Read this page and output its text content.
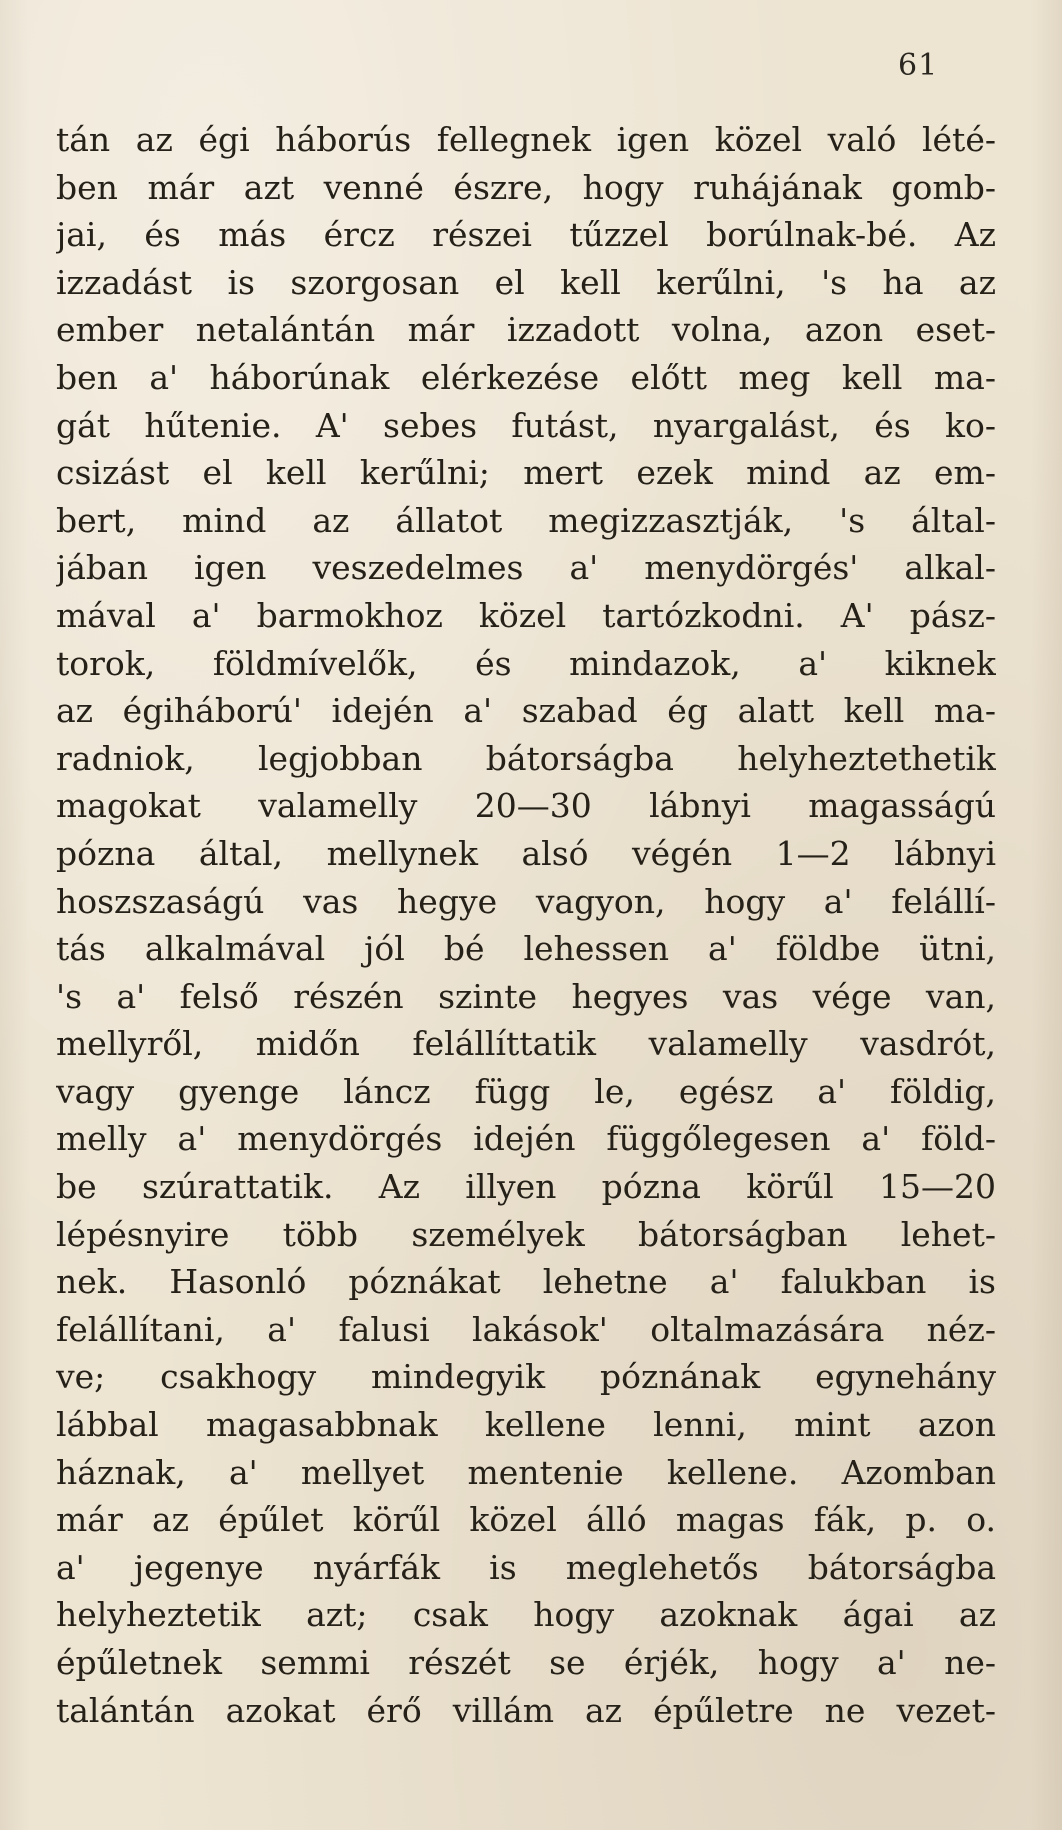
61
tán az égi háborús fellegnek igen közel való lété-
ben már azt venné észre, hogy ruhájának gomb-
jai, és más ércz részei tűzzel borúlnak-bé. Az
izzadást is szorgosan el kell kerűlni, 's ha az
ember netalántán már izzadott volna, azon eset-
ben a' háborúnak elérkezése előtt meg kell ma-
gát hűtenie. A' sebes futást, nyargalást, és ko-
csizást el kell kerűlni; mert ezek mind az em-
bert, mind az állatot megizzasztják, 's által-
jában igen veszedelmes a' menydörgés' alkal-
mával a' barmokhoz közel tartózkodni. A' pász-
torok, földmívelők, és mindazok, a' kiknek
az égiháború' idején a' szabad ég alatt kell ma-
radniok, legjobban bátorságba helyheztethetik
magokat valamelly 20—30 lábnyi magasságú
pózna által, mellynek alsó végén 1—2 lábnyi
hoszszaságú vas hegye vagyon, hogy a' felállí-
tás alkalmával jól bé lehessen a' földbe ütni,
's a' felső részén szinte hegyes vas vége van,
mellyről, midőn felállíttatik valamelly vasdrót,
vagy gyenge láncz függ le, egész a' földig,
melly a' menydörgés idején függőlegesen a' föld-
be szúrattatik. Az illyen pózna körűl 15—20
lépésnyire több személyek bátorságban lehet-
nek. Hasonló póznákat lehetne a' falukban is
felállítani, a' falusi lakások' oltalmazására néz-
ve; csakhogy mindegyik póznának egynehány
lábbal magasabbnak kellene lenni, mint azon
háznak, a' mellyet mentenie kellene. Azomban
már az épűlet körűl közel álló magas fák, p. o.
a' jegenye nyárfák is meglehetős bátorságba
helyheztetik azt; csak hogy azoknak ágai az
épűletnek semmi részét se érjék, hogy a' ne-
talántán azokat érő villám az épűletre ne vezet-
